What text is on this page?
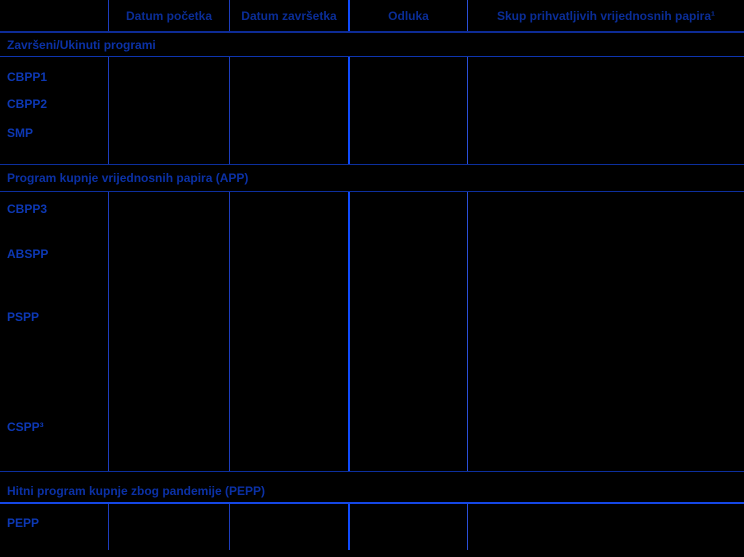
Datum početka	Datum završetka	Odluka	Skup prihvatljivih vrijednosnih papira¹
Završeni/Ukinuti programi
CBPP1
CBPP2
SMP
Program kupnje vrijednosnih papira (APP)
CBPP3
ABSPP
PSPP
CSPP³
Hitni program kupnje zbog pandemije (PEPP)
PEPP
